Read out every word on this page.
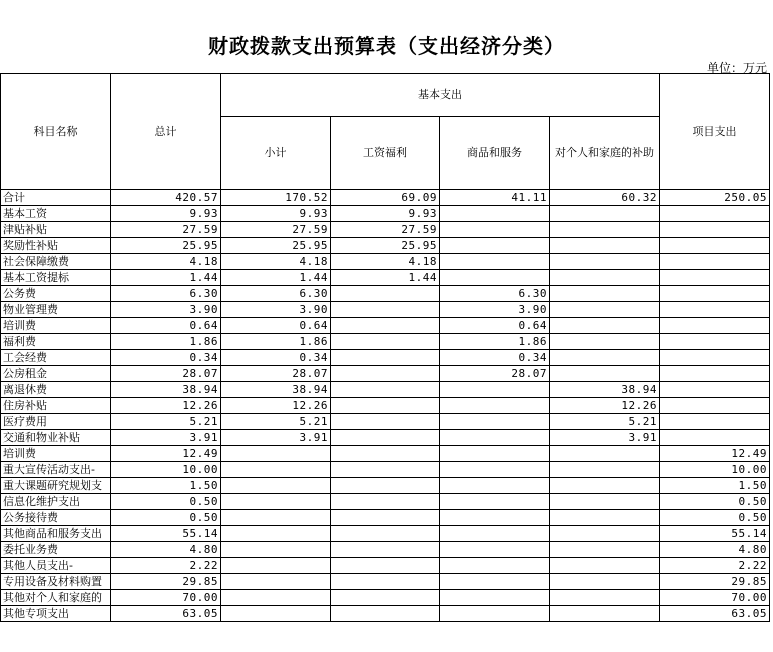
财政拨款支出预算表（支出经济分类）
单位：万元
科目名称	总计	基本支出				项目支出
		小计	工资福利	商品和服务	对个人和家庭的补助	
合计	420.57	170.52	69.09	41.11	60.32	250.05
基本工资	9.93	9.93	9.93			
津贴补贴	27.59	27.59	27.59			
奖励性补贴	25.95	25.95	25.95			
社会保障缴费	4.18	4.18	4.18			
基本工资提标	1.44	1.44	1.44			
公务费	6.30	6.30		6.30		
物业管理费	3.90	3.90		3.90		
培训费	0.64	0.64		0.64		
福利费	1.86	1.86		1.86		
工会经费	0.34	0.34		0.34		
公房租金	28.07	28.07		28.07		
离退休费	38.94	38.94			38.94	
住房补贴	12.26	12.26			12.26	
医疗费用	5.21	5.21			5.21	
交通和物业补贴	3.91	3.91			3.91	
培训费	12.49					12.49
重大宣传活动支出-	10.00					10.00
重大课题研究规划支	1.50					1.50
信息化维护支出	0.50					0.50
公务接待费	0.50					0.50
其他商品和服务支出	55.14					55.14
委托业务费	4.80					4.80
其他人员支出-	2.22					2.22
专用设备及材料购置	29.85					29.85
其他对个人和家庭的	70.00					70.00
其他专项支出	63.05					63.05
